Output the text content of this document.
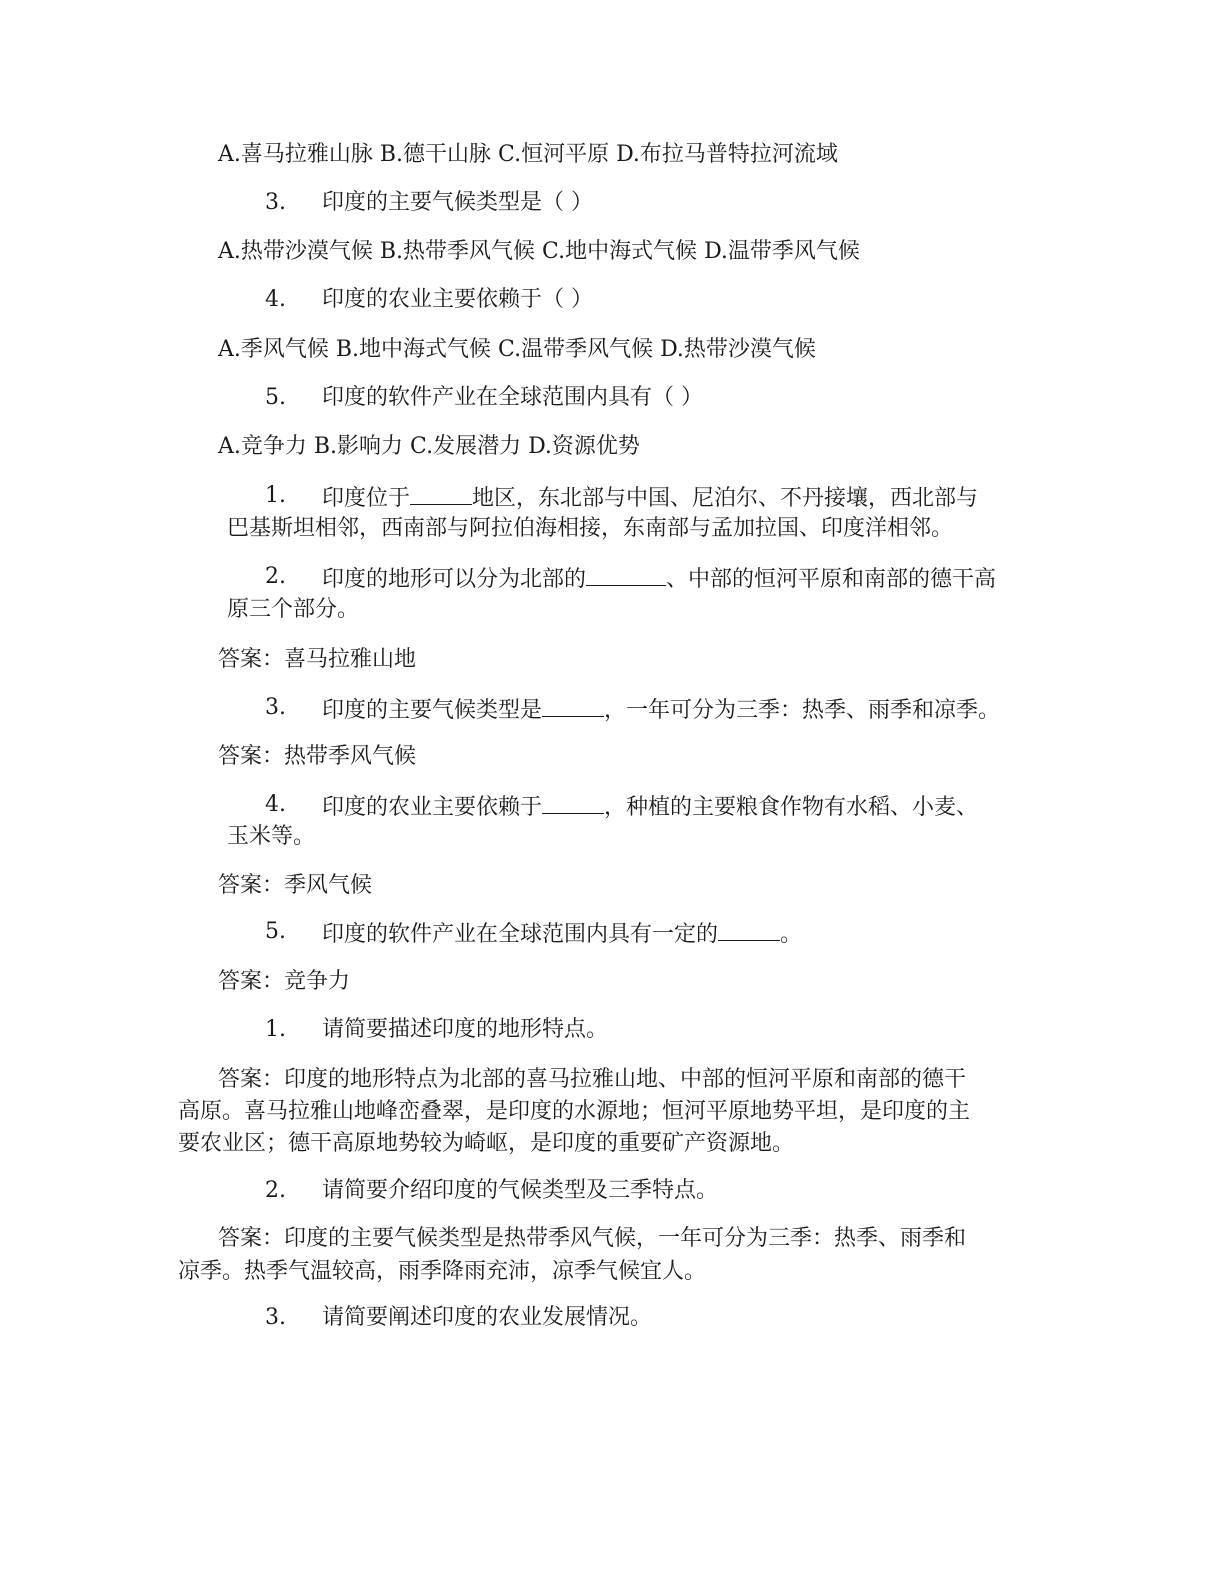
A.喜马拉雅山脉 B.德干山脉 C.恒河平原 D.布拉马普特拉河流域
3.	印度的主要气候类型是（ ）
A.热带沙漠气候 B.热带季风气候 C.地中海式气候 D.温带季风气候
4.	印度的农业主要依赖于（ ）
A.季风气候 B.地中海式气候 C.温带季风气候 D.热带沙漠气候
5.	印度的软件产业在全球范围内具有（ ）
A.竞争力 B.影响力 C.发展潜力 D.资源优势
1.	印度位于	地区，东北部与中国、尼泊尔、不丹接壤，西北部与
巴基斯坦相邻，西南部与阿拉伯海相接，东南部与孟加拉国、印度洋相邻。
2.	印度的地形可以分为北部的	、中部的恒河平原和南部的德干高
原三个部分。
答案：喜马拉雅山地
3.	印度的主要气候类型是	，一年可分为三季：热季、雨季和凉季。
答案：热带季风气候
4.	印度的农业主要依赖于	，种植的主要粮食作物有水稻、小麦、
玉米等。
答案：季风气候
5.	印度的软件产业在全球范围内具有一定的	。
答案：竞争力
1.	请简要描述印度的地形特点。
答案：印度的地形特点为北部的喜马拉雅山地、中部的恒河平原和南部的德干
高原。喜马拉雅山地峰峦叠翠，是印度的水源地；恒河平原地势平坦，是印度的主
要农业区；德干高原地势较为崎岖，是印度的重要矿产资源地。
2.	请简要介绍印度的气候类型及三季特点。
答案：印度的主要气候类型是热带季风气候，一年可分为三季：热季、雨季和
凉季。热季气温较高，雨季降雨充沛，凉季气候宜人。
3.	请简要阐述印度的农业发展情况。
